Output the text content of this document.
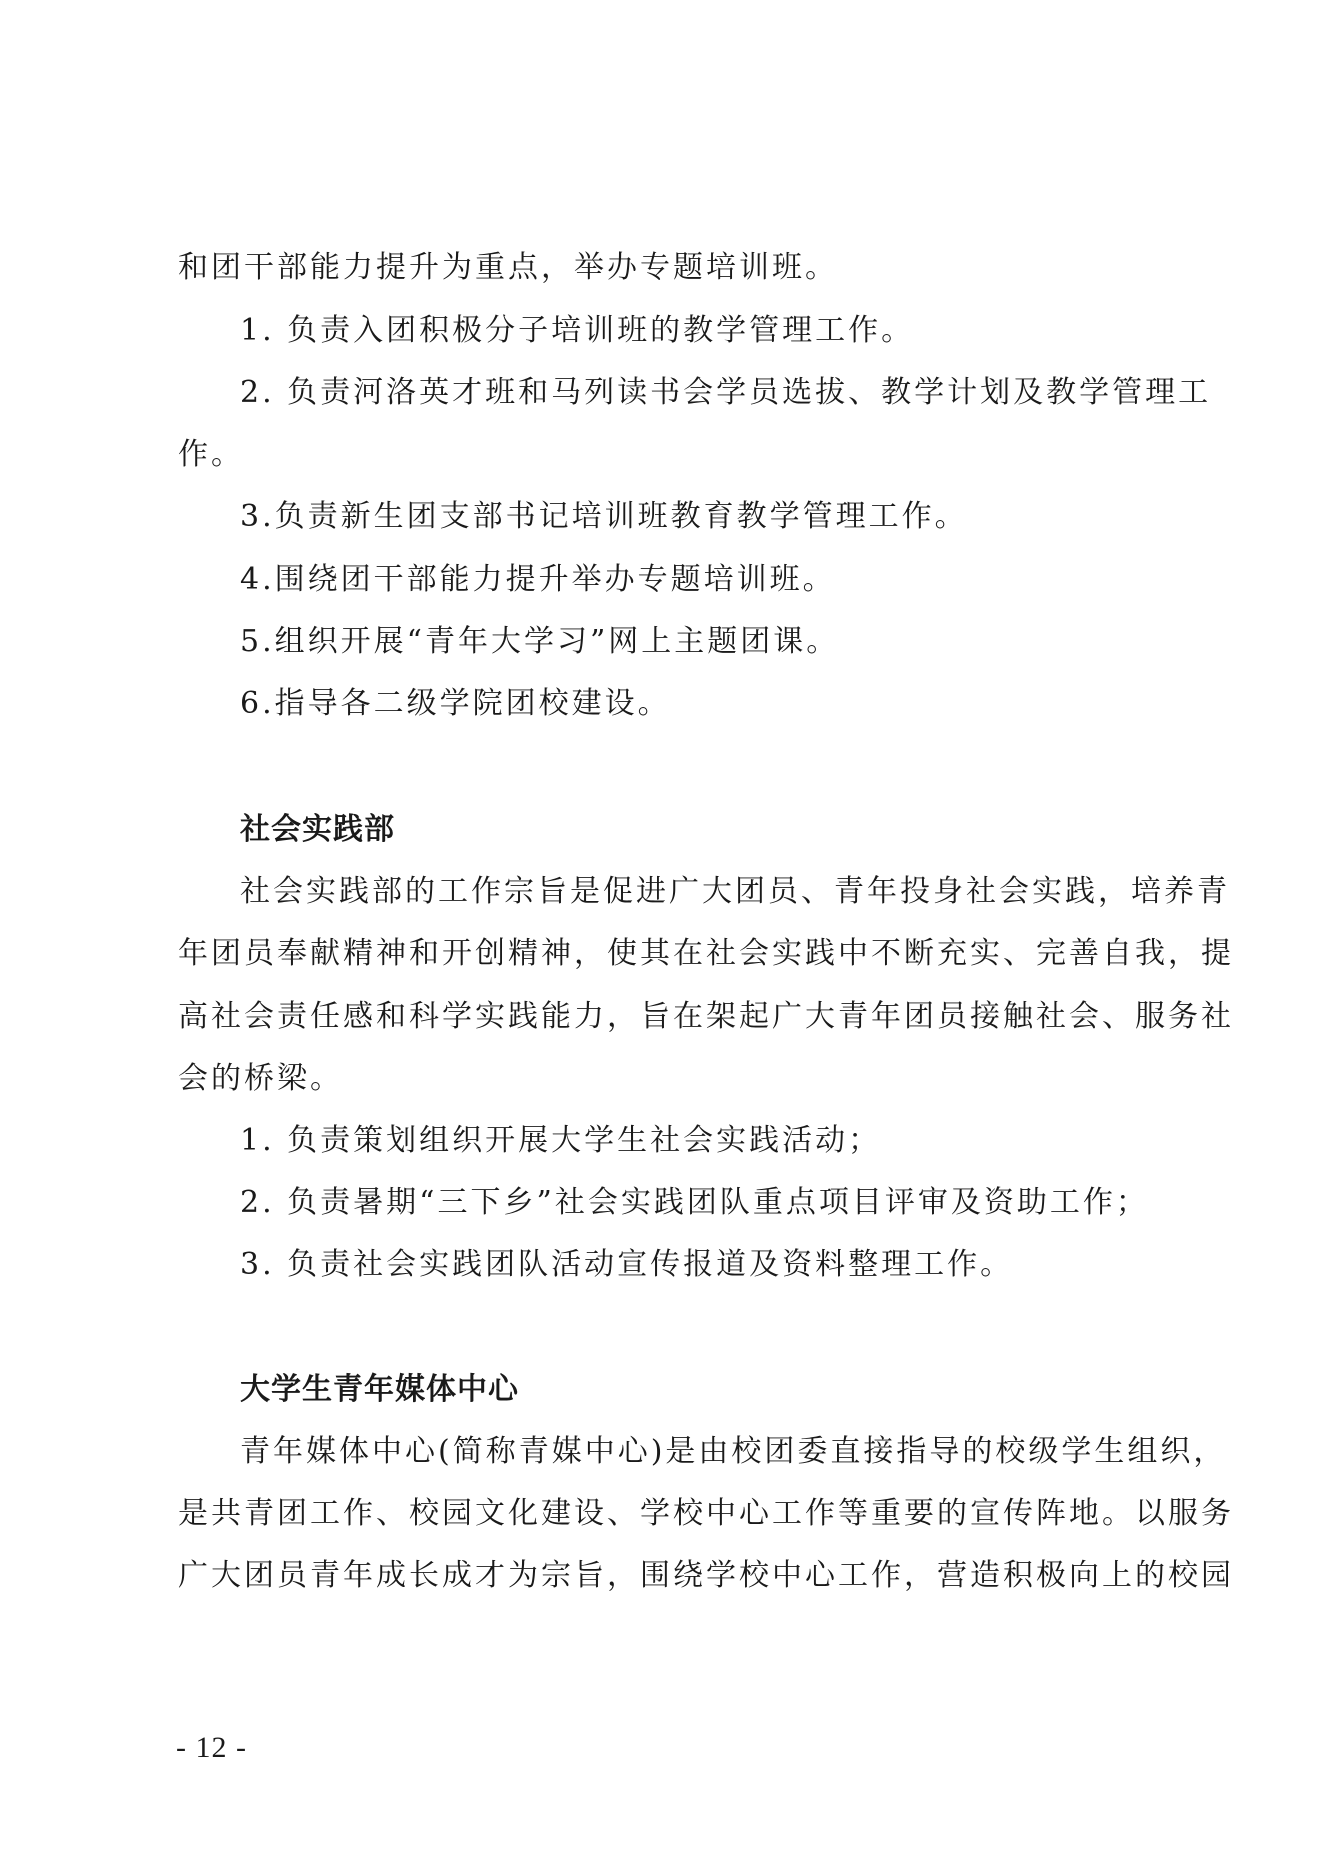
和团干部能力提升为重点，举办专题培训班。
1. 负责入团积极分子培训班的教学管理工作。
2. 负责河洛英才班和马列读书会学员选拔、教学计划及教学管理工
作。
3.负责新生团支部书记培训班教育教学管理工作。
4.围绕团干部能力提升举办专题培训班。
5.组织开展“青年大学习”网上主题团课。
6.指导各二级学院团校建设。
社会实践部
社会实践部的工作宗旨是促进广大团员、青年投身社会实践，培养青
年团员奉献精神和开创精神，使其在社会实践中不断充实、完善自我，提
高社会责任感和科学实践能力，旨在架起广大青年团员接触社会、服务社
会的桥梁。
1. 负责策划组织开展大学生社会实践活动；
2. 负责暑期“三下乡”社会实践团队重点项目评审及资助工作；
3. 负责社会实践团队活动宣传报道及资料整理工作。
大学生青年媒体中心
青年媒体中心(简称青媒中心)是由校团委直接指导的校级学生组织，
是共青团工作、校园文化建设、学校中心工作等重要的宣传阵地。以服务
广大团员青年成长成才为宗旨，围绕学校中心工作，营造积极向上的校园
- 12 -
